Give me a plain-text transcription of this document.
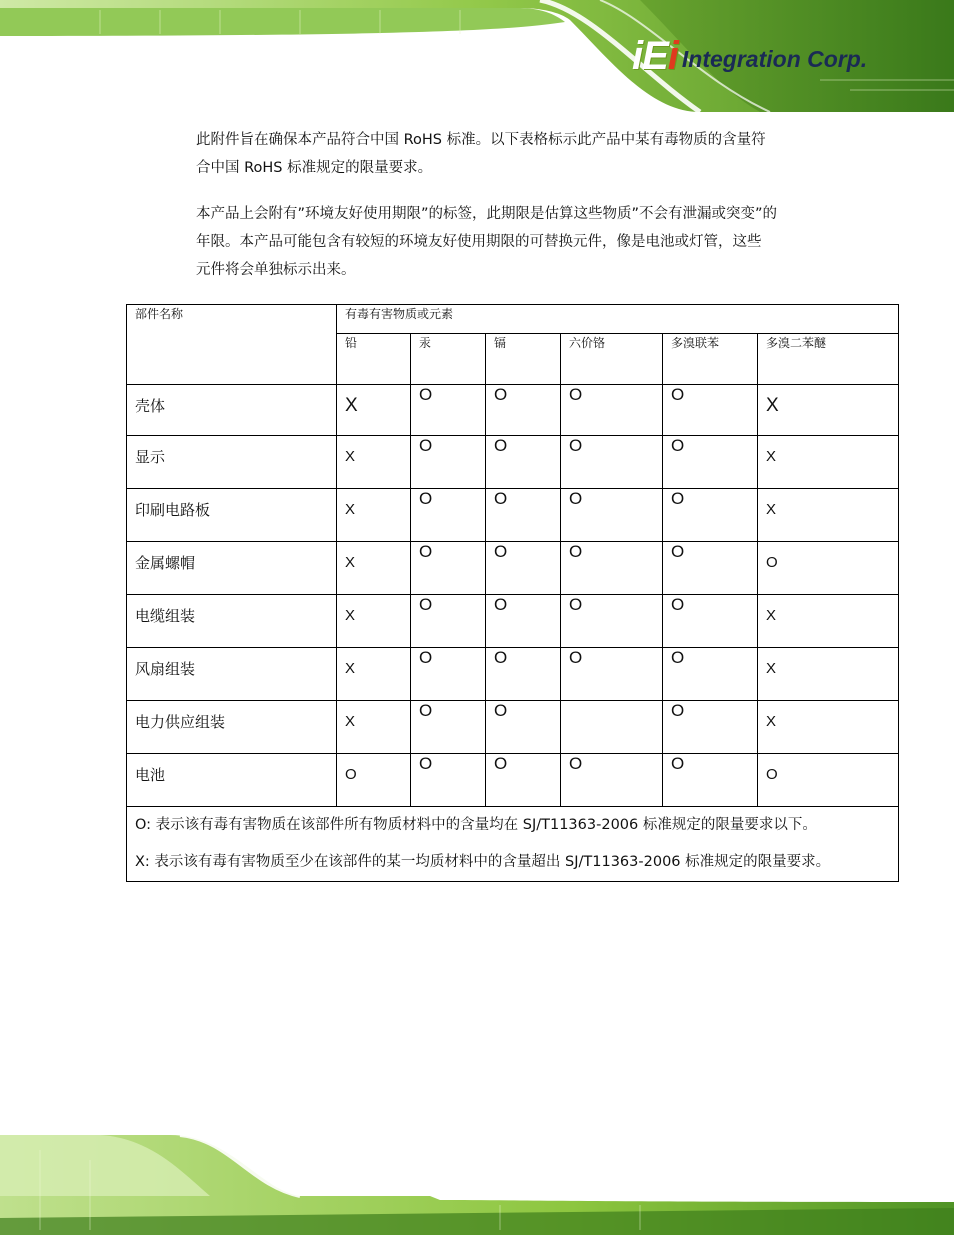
iEi Integration Corp.

此附件旨在确保本产品符合中国 RoHS 标准。以下表格标示此产品中某有毒物质的含量符
合中国 RoHS 标准规定的限量要求。

本产品上会附有”环境友好使用期限”的标签，此期限是估算这些物质”不会有泄漏或突变”的
年限。本产品可能包含有较短的环境友好使用期限的可替换元件，像是电池或灯管，这些
元件将会单独标示出来。

部件名称	有毒有害物质或元素					
	铅	汞	镉	六价铬	多溴联苯	多溴二苯醚
壳体	X	O	O	O	O	X
显示	X	O	O	O	O	X
印刷电路板	X	O	O	O	O	X
金属螺帽	X	O	O	O	O	O
电缆组装	X	O	O	O	O	X
风扇组装	X	O	O	O	O	X
电力供应组装	X	O	O		O	X
电池	O	O	O	O	O	O

O: 表示该有毒有害物质在该部件所有物质材料中的含量均在 SJ/T11363-2006 标准规定的限量要求以下。
X: 表示该有毒有害物质至少在该部件的某一均质材料中的含量超出 SJ/T11363-2006 标准规定的限量要求。						
